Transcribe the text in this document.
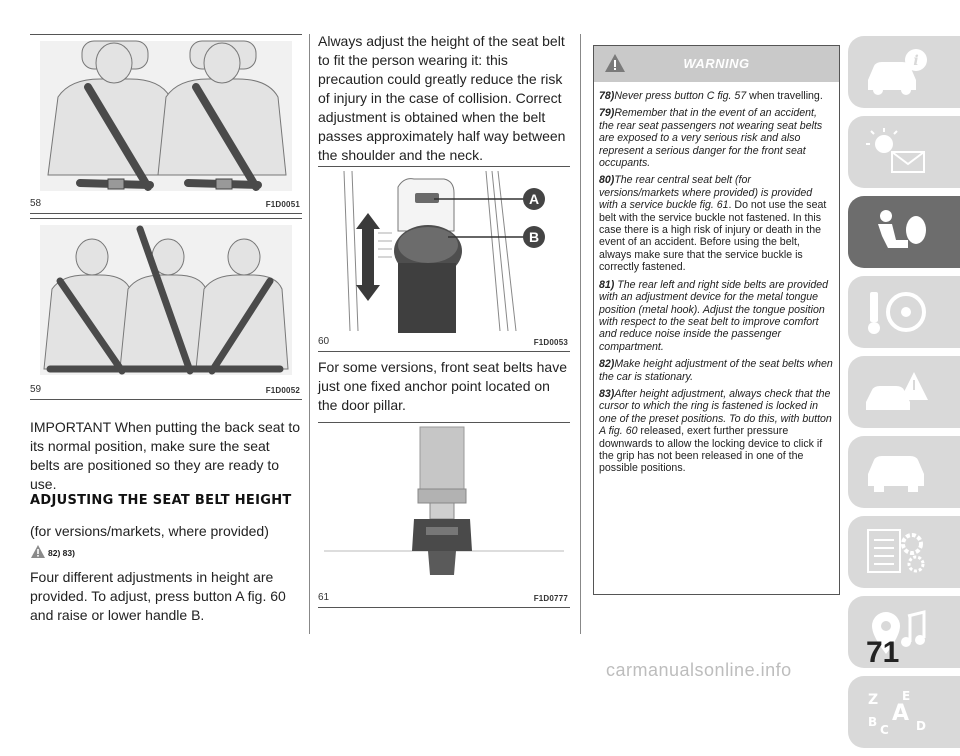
58	F1D0051
59	F1D0052

IMPORTANT When putting the back seat to its normal position, make sure the seat belts are positioned so they are ready to use.

ADJUSTING THE SEAT BELT HEIGHT

(for versions/markets, where provided)

82) 83)

Four different adjustments in height are provided. To adjust, press button A fig. 60 and raise or lower handle B.

Always adjust the height of the seat belt to fit the person wearing it: this precaution could greatly reduce the risk of injury in the case of collision. Correct adjustment is obtained when the belt passes approximately half way between the shoulder and the neck.

A
B
60	F1D0053

For some versions, front seat belts have just one fixed anchor point located on the door pillar.

61	F1D0777
WARNING

78)Never press button C fig. 57 when travelling.

79)Remember that in the event of an accident, the rear seat passengers not wearing seat belts are exposed to a very serious risk and also represent a serious danger for the front seat occupants.

80)The rear central seat belt (for versions/markets where provided) is provided with a service buckle fig. 61. Do not use the seat belt with the service buckle not fastened. In this case there is a high risk of injury or death in the event of an accident. Before using the belt, always make sure that the service buckle is correctly fastened.

81) The rear left and right side belts are provided with an adjustment device for the metal tongue position (metal hook). Adjust the tongue position with respect to the seat belt to improve comfort and reduce noise inside the passenger compartment.

82)Make height adjustment of the seat belts when the car is stationary.

83)After height adjustment, always check that the cursor to which the ring is fastened is locked in one of the preset positions. To do this, with button A fig. 60 released, exert further pressure downwards to allow the locking device to click if the grip has not been released in one of the possible positions.

i
Z E
A
B
C D
71
carmanualsonline.info
